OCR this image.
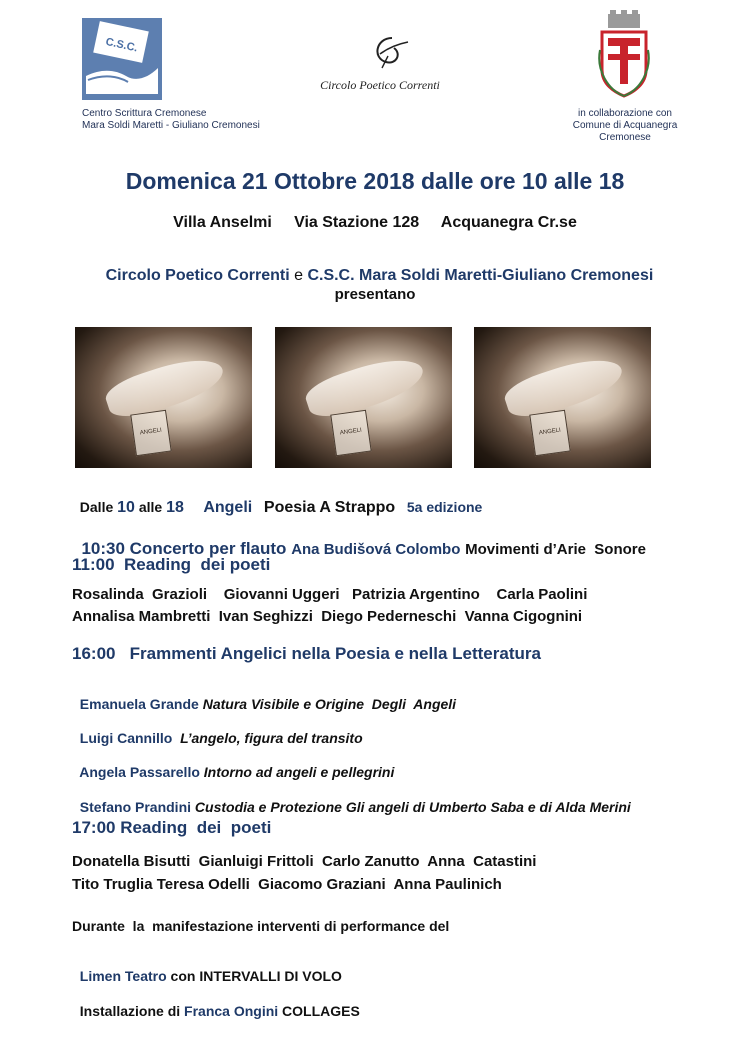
C.S.C.
Centro Scrittura Cremonese
Mara Soldi Maretti - Giuliano Cremonesi
Circolo Poetico Correnti
in collaborazione con
Comune di Acquanegra Cremonese
Domenica 21 Ottobre 2018 dalle ore 10 alle 18
Villa Anselmi     Via Stazione 128     Acquanegra Cr.se

Circolo Poetico Correnti e C.S.C. Mara Soldi Maretti-Giuliano Cremonesi

presentano
ANGELI	ANGELI	ANGELI

Dalle 10 alle 18 Angeli Poesia A Strappo 5a edizione

10:30 Concerto per flauto Ana Budišová Colombo Movimenti d’Arie  Sonore

11:00  Reading  dei poeti
Rosalinda  Grazioli    Giovanni Uggeri   Patrizia Argentino    Carla Paolini
Annalisa Mambretti  Ivan Seghizzi  Diego Pederneschi  Vanna Cigognini
16:00   Frammenti Angelici nella Poesia e nella Letteratura

Emanuela Grande Natura Visibile e Origine  Degli  Angeli

Luigi Cannillo L’angelo, figura del transito

Angela Passarello Intorno ad angeli e pellegrini

Stefano Prandini Custodia e Protezione Gli angeli di Umberto Saba e di Alda Merini

17:00 Reading  dei  poeti
Donatella Bisutti  Gianluigi Frittoli  Carlo Zanutto  Anna  Catastini
Tito Truglia Teresa Odelli  Giacomo Graziani  Anna Paulinich
Durante  la  manifestazione interventi di performance del

Limen Teatro con INTERVALLI DI VOLO

Installazione di Franca Ongini COLLAGES
